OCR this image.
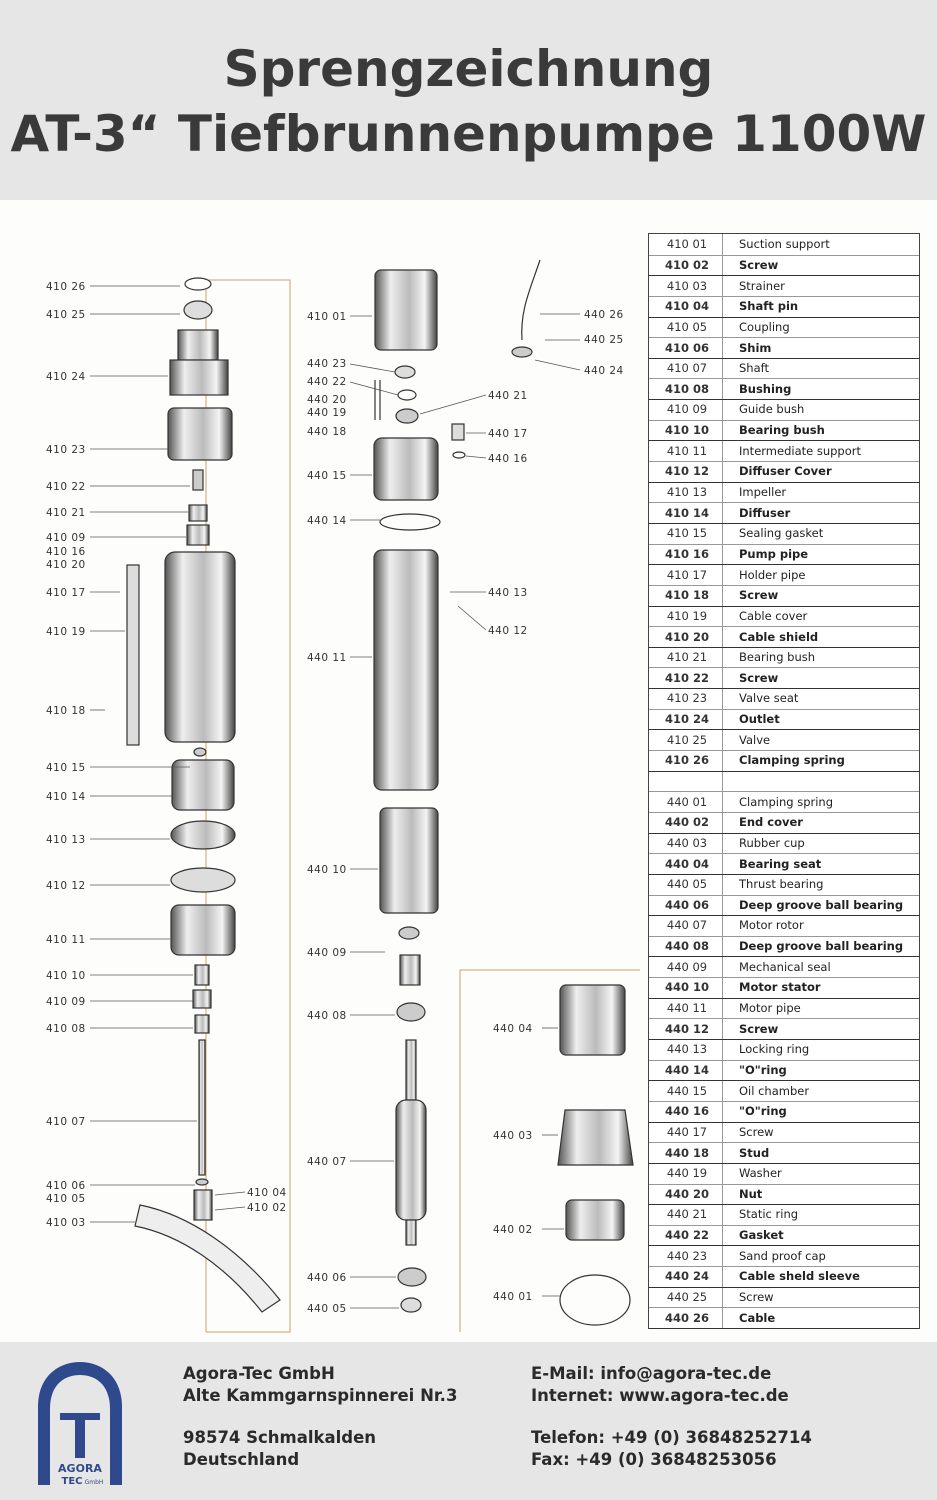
Sprengzeichnung
AT-3“ Tiefbrunnenpumpe 1100W
410 26
410 25
410 24
410 23
410 22
410 21
410 09
410 16
410 20
410 17
410 19
410 18
410 15
410 14
410 13
410 12
410 11
410 10
410 09
410 08
410 07
410 06
410 05
410 03
410 04
410 02
410 01
440 23
440 22
440 20
440 19
440 18
440 15
440 14
440 11
440 10
440 09
440 08
440 07
440 06
440 05
440 21
440 17
440 16
440 13
440 12
440 26
440 25
440 24
440 04
440 03
440 02
440 01
410 01	Suction support
410 02	Screw
410 03	Strainer
410 04	Shaft pin
410 05	Coupling
410 06	Shim
410 07	Shaft
410 08	Bushing
410 09	Guide bush
410 10	Bearing bush
410 11	Intermediate support
410 12	Diffuser Cover
410 13	Impeller
410 14	Diffuser
410 15	Sealing gasket
410 16	Pump pipe
410 17	Holder pipe
410 18	Screw
410 19	Cable cover
410 20	Cable shield
410 21	Bearing bush
410 22	Screw
410 23	Valve seat
410 24	Outlet
410 25	Valve
410 26	Clamping spring
440 01	Clamping spring
440 02	End cover
440 03	Rubber cup
440 04	Bearing seat
440 05	Thrust bearing
440 06	Deep groove ball bearing
440 07	Motor rotor
440 08	Deep groove ball bearing
440 09	Mechanical seal
440 10	Motor stator
440 11	Motor pipe
440 12	Screw
440 13	Locking ring
440 14	"O"ring
440 15	Oil chamber
440 16	"O"ring
440 17	Screw
440 18	Stud
440 19	Washer
440 20	Nut
440 21	Static ring
440 22	Gasket
440 23	Sand proof cap
440 24	Cable sheld sleeve
440 25	Screw
440 26	Cable
AGORA
TEC GmbH
Agora-Tec GmbH
Alte Kammgarnspinnerei Nr.3
98574 Schmalkalden
Deutschland
E-Mail: info@agora-tec.de
Internet: www.agora-tec.de
Telefon: +49 (0) 36848252714
Fax: +49 (0) 36848253056
